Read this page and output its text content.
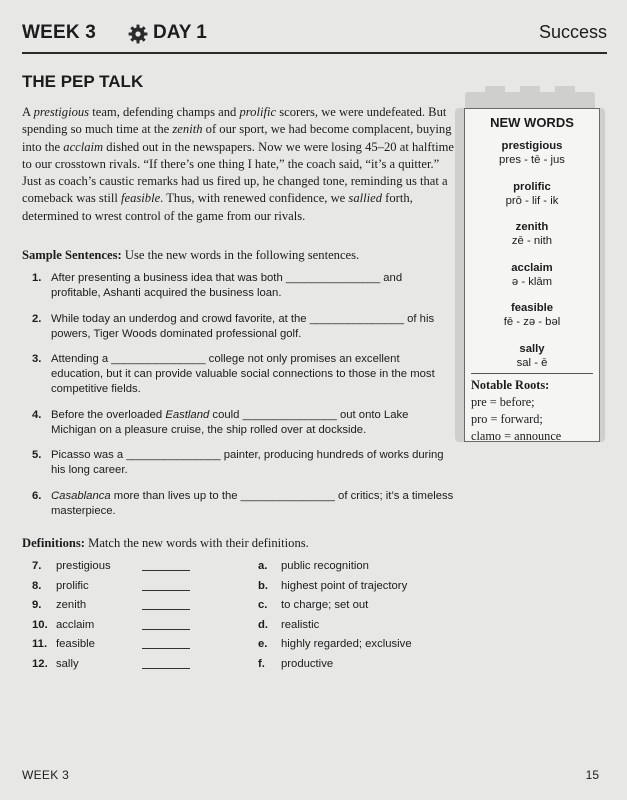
WEEK 3	DAY 1	Success
THE PEP TALK

A prestigious team, defending champs and prolific scorers, we were undefeated. But spending so much time at the zenith of our sport, we had become complacent, buying into the acclaim dished out in the newspapers. Now we were losing 45–20 at halftime to our crosstown rivals. “If there’s one thing I hate,” the coach said, “it’s a quitter.” Just as coach’s caustic remarks had us fired up, he changed tone, reminding us that a comeback was still feasible. Thus, with renewed confidence, we sallied forth, determined to wrest control of the game from our rivals.

Sample Sentences: Use the new words in the following sentences.
1. After presenting a business idea that was both _______________ and profitable, Ashanti acquired the business loan.
2. While today an underdog and crowd favorite, at the _______________ of his powers, Tiger Woods dominated professional golf.
3. Attending a _______________ college not only promises an excellent education, but it can provide valuable social connections to those in the most competitive fields.
4. Before the overloaded Eastland could _______________ out onto Lake Michigan on a pleasure cruise, the ship rolled over at dockside.
5. Picasso was a _______________ painter, producing hundreds of works during his long career.
6. Casablanca more than lives up to the _______________ of critics; it’s a timeless masterpiece.
Definitions: Match the new words with their definitions.
7. prestigious	a. public recognition
8. prolific	b. highest point of trajectory
9. zenith	c. to charge; set out
10. acclaim	d. realistic
11. feasible	e. highly regarded; exclusive
12. sally	f. productive
NEW WORDS
prestigious
pres - tē - jus
prolific
prō - lif - ik
zenith
zē - nith
acclaim
ə - klām
feasible
fē - zə - bəl
sally
sal - ē
Notable Roots:
pre = before;
pro = forward;
clamo = announce
WEEK 3	15
